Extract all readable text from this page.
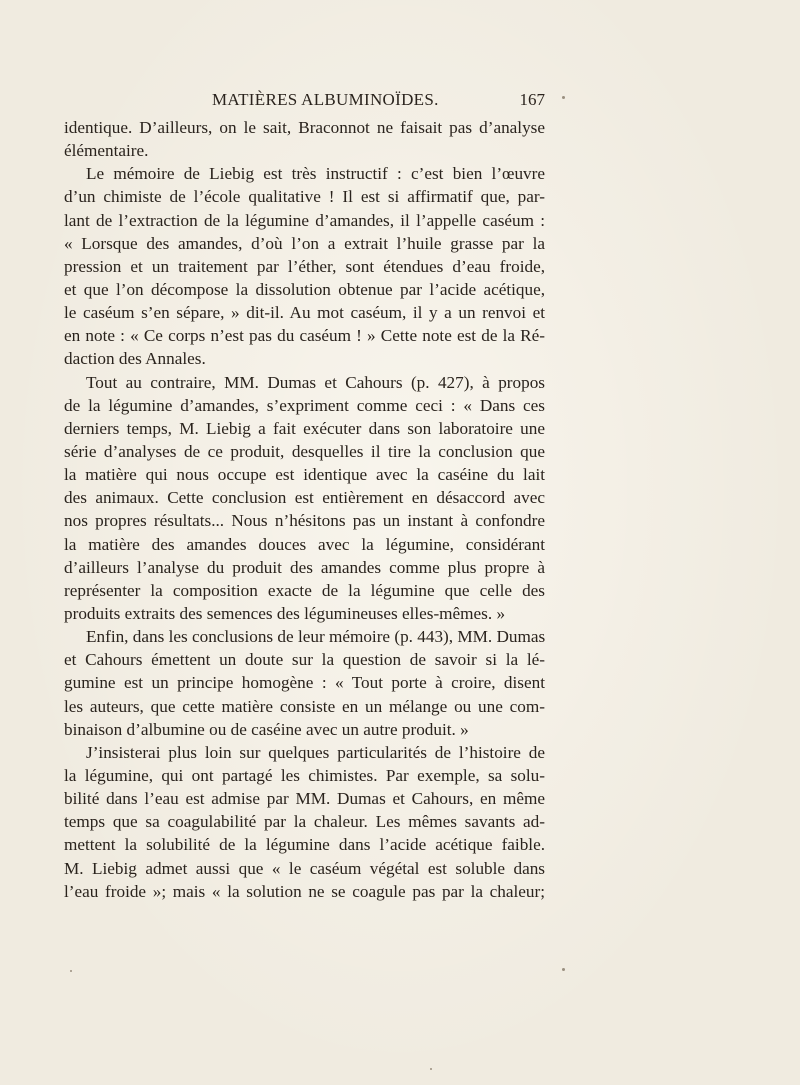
MATIÈRES ALBUMINOÏDES.	167
identique. D’ailleurs, on le sait, Braconnot ne faisait pas d’analyse
élémentaire.
Le mémoire de Liebig est très instructif : c’est bien l’œuvre
d’un chimiste de l’école qualitative ! Il est si affirmatif que, par-
lant de l’extraction de la légumine d’amandes, il l’appelle caséum :
« Lorsque des amandes, d’où l’on a extrait l’huile grasse par la
pression et un traitement par l’éther, sont étendues d’eau froide,
et que l’on décompose la dissolution obtenue par l’acide acétique,
le caséum s’en sépare, » dit-il. Au mot caséum, il y a un renvoi et
en note : « Ce corps n’est pas du caséum ! » Cette note est de la Ré-
daction des Annales.
Tout au contraire, MM. Dumas et Cahours (p. 427), à propos
de la légumine d’amandes, s’expriment comme ceci : « Dans ces
derniers temps, M. Liebig a fait exécuter dans son laboratoire une
série d’analyses de ce produit, desquelles il tire la conclusion que
la matière qui nous occupe est identique avec la caséine du lait
des animaux. Cette conclusion est entièrement en désaccord avec
nos propres résultats... Nous n’hésitons pas un instant à confondre
la matière des amandes douces avec la légumine, considérant
d’ailleurs l’analyse du produit des amandes comme plus propre à
représenter la composition exacte de la légumine que celle des
produits extraits des semences des légumineuses elles-mêmes. »
Enfin, dans les conclusions de leur mémoire (p. 443), MM. Dumas
et Cahours émettent un doute sur la question de savoir si la lé-
gumine est un principe homogène : « Tout porte à croire, disent
les auteurs, que cette matière consiste en un mélange ou une com-
binaison d’albumine ou de caséine avec un autre produit. »
J’insisterai plus loin sur quelques particularités de l’histoire de
la légumine, qui ont partagé les chimistes. Par exemple, sa solu-
bilité dans l’eau est admise par MM. Dumas et Cahours, en même
temps que sa coagulabilité par la chaleur. Les mêmes savants ad-
mettent la solubilité de la légumine dans l’acide acétique faible.
M. Liebig admet aussi que « le caséum végétal est soluble dans
l’eau froide »; mais « la solution ne se coagule pas par la chaleur;
